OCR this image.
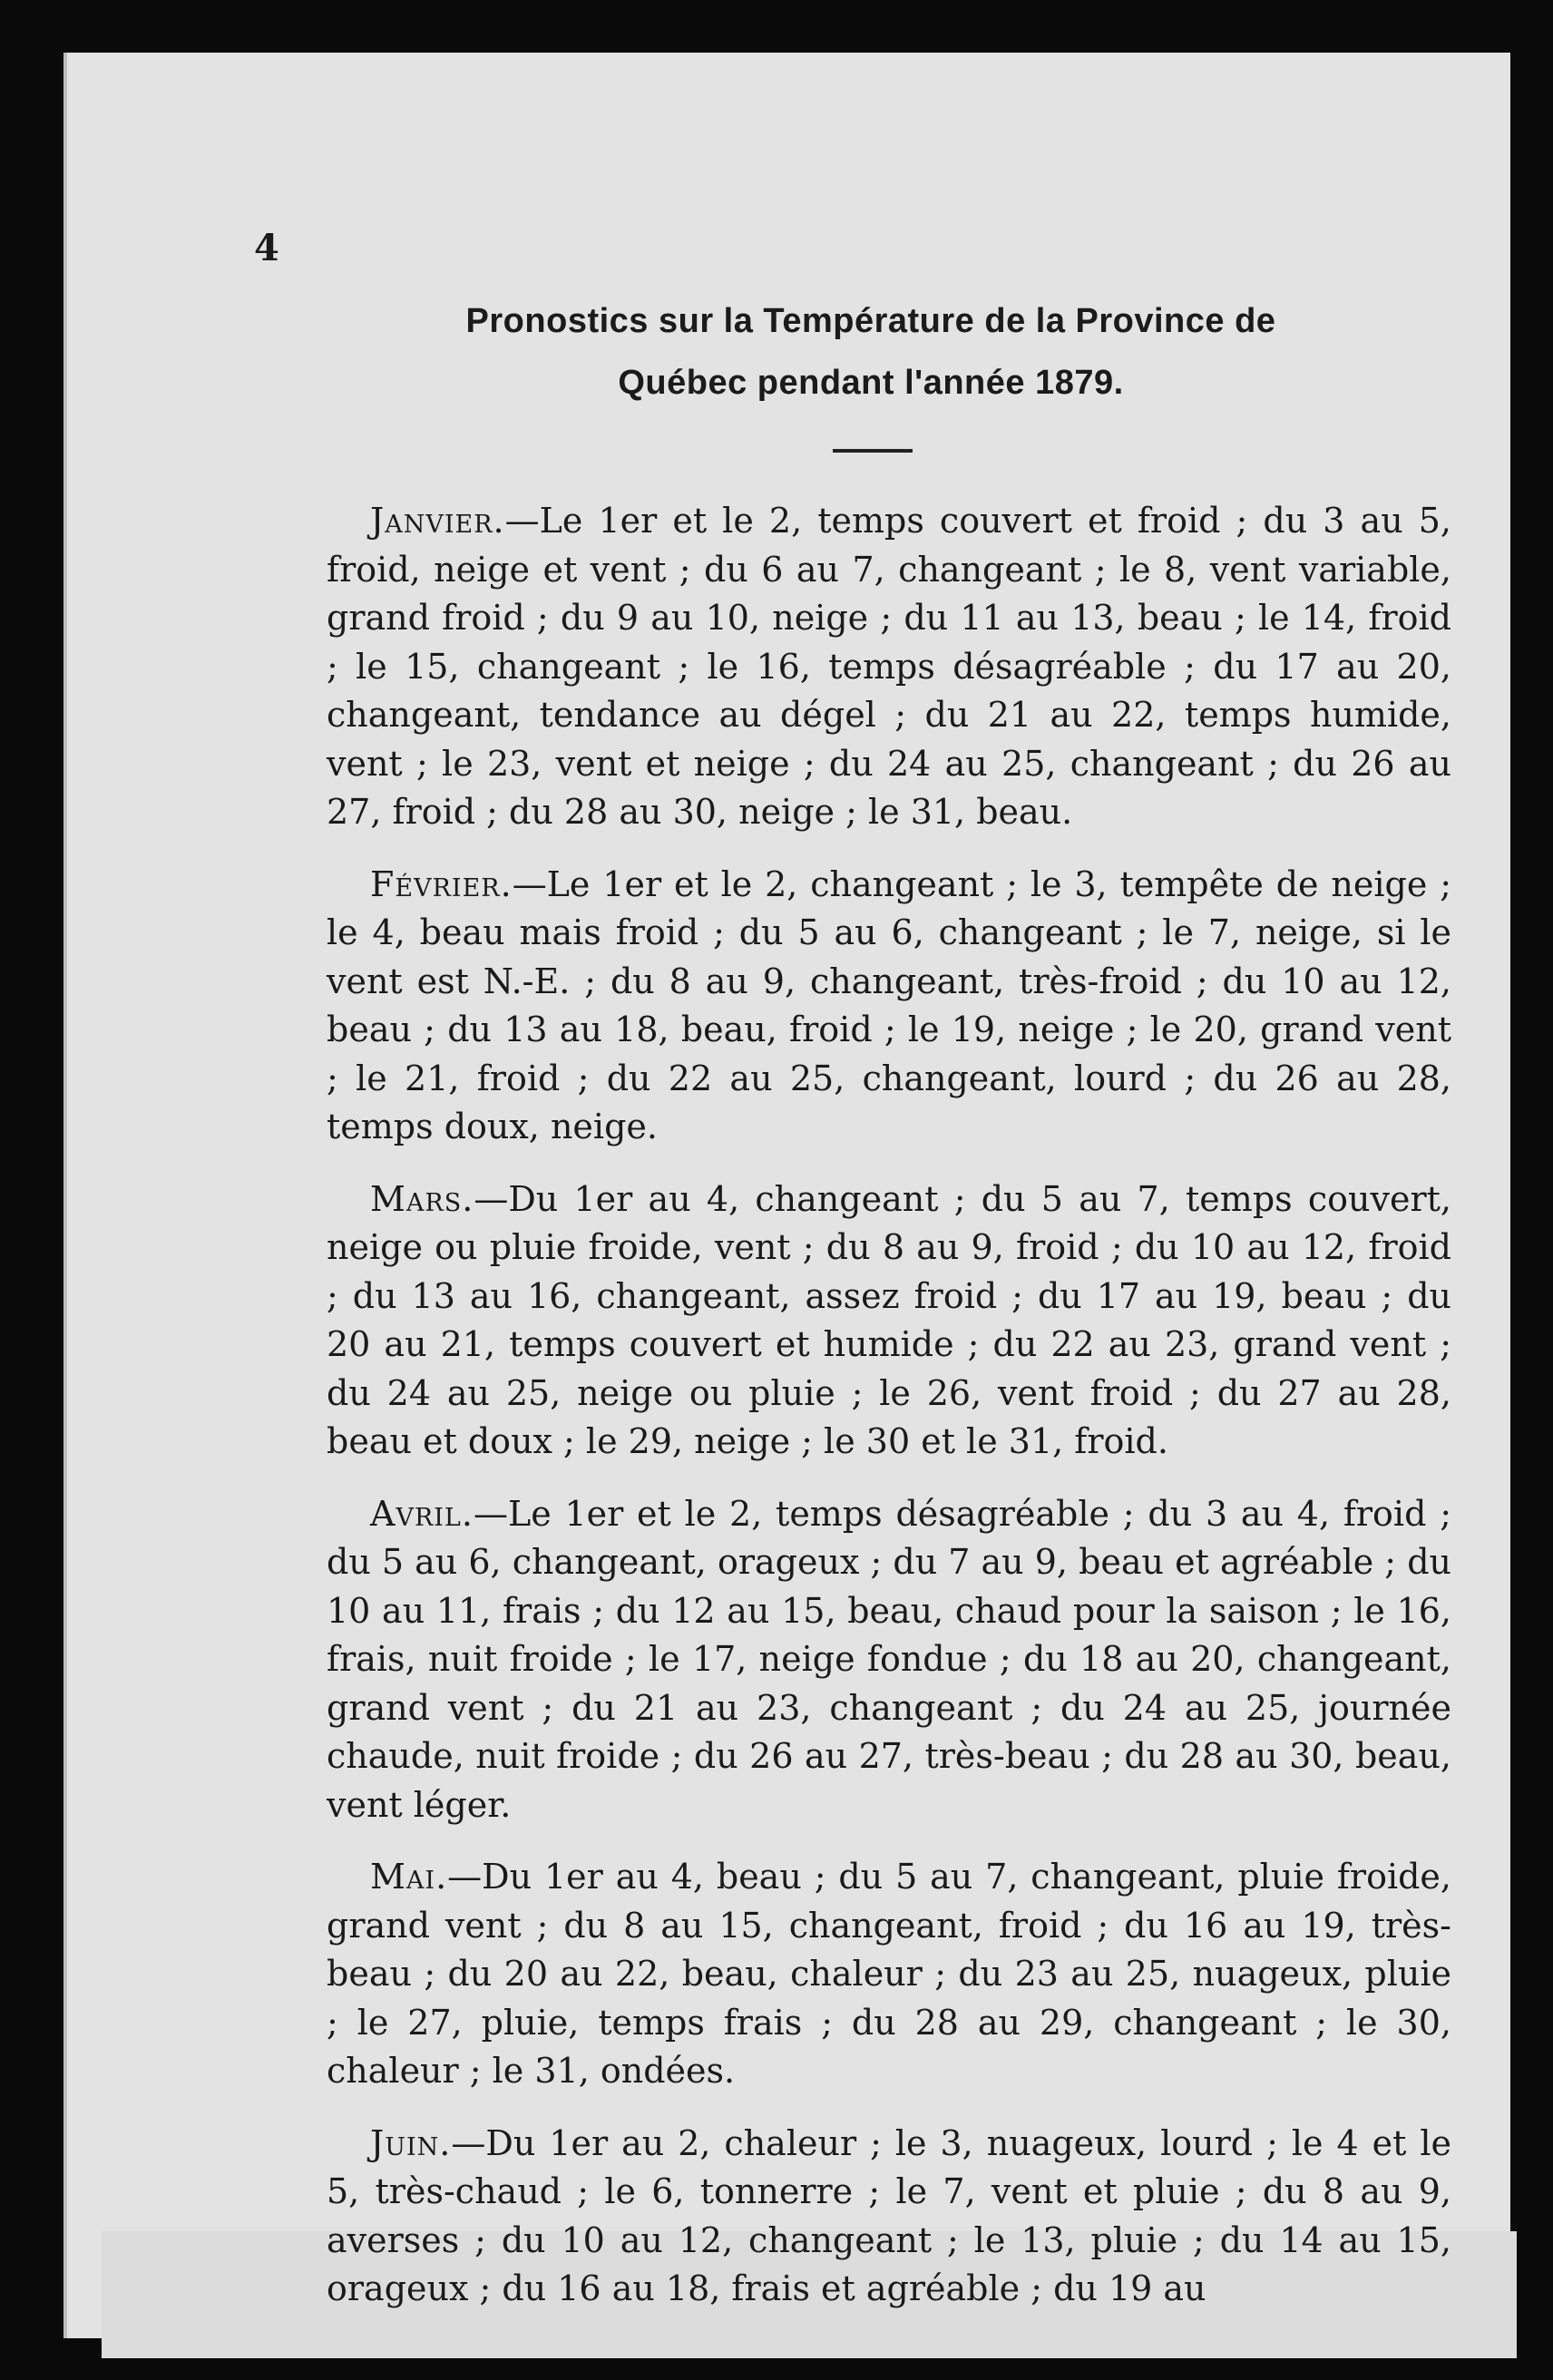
4
Pronostics sur la Température de la Province de
Québec pendant l'année 1879.

Janvier.—Le 1er et le 2, temps couvert et froid ; du 3 au 5, froid, neige et vent ; du 6 au 7, changeant ; le 8, vent variable, grand froid ; du 9 au 10, neige ; du 11 au 13, beau ; le 14, froid ; le 15, changeant ; le 16, temps désagréable ; du 17 au 20, changeant, tendance au dégel ; du 21 au 22, temps humide, vent ; le 23, vent et neige ; du 24 au 25, changeant ; du 26 au 27, froid ; du 28 au 30, neige ; le 31, beau.

Février.—Le 1er et le 2, changeant ; le 3, tempête de neige ; le 4, beau mais froid ; du 5 au 6, changeant ; le 7, neige, si le vent est N.-E. ; du 8 au 9, changeant, très-froid ; du 10 au 12, beau ; du 13 au 18, beau, froid ; le 19, neige ; le 20, grand vent ; le 21, froid ; du 22 au 25, changeant, lourd ; du 26 au 28, temps doux, neige.

Mars.—Du 1er au 4, changeant ; du 5 au 7, temps couvert, neige ou pluie froide, vent ; du 8 au 9, froid ; du 10 au 12, froid ; du 13 au 16, changeant, assez froid ; du 17 au 19, beau ; du 20 au 21, temps couvert et humide ; du 22 au 23, grand vent ; du 24 au 25, neige ou pluie ; le 26, vent froid ; du 27 au 28, beau et doux ; le 29, neige ; le 30 et le 31, froid.

Avril.—Le 1er et le 2, temps désagréable ; du 3 au 4, froid ; du 5 au 6, changeant, orageux ; du 7 au 9, beau et agréable ; du 10 au 11, frais ; du 12 au 15, beau, chaud pour la saison ; le 16, frais, nuit froide ; le 17, neige fondue ; du 18 au 20, changeant, grand vent ; du 21 au 23, changeant ; du 24 au 25, journée chaude, nuit froide ; du 26 au 27, très-beau ; du 28 au 30, beau, vent léger.

Mai.—Du 1er au 4, beau ; du 5 au 7, changeant, pluie froide, grand vent ; du 8 au 15, changeant, froid ; du 16 au 19, très-beau ; du 20 au 22, beau, chaleur ; du 23 au 25, nuageux, pluie ; le 27, pluie, temps frais ; du 28 au 29, changeant ; le 30, chaleur ; le 31, ondées.

Juin.—Du 1er au 2, chaleur ; le 3, nuageux, lourd ; le 4 et le 5, très-chaud ; le 6, tonnerre ; le 7, vent et pluie ; du 8 au 9, averses ; du 10 au 12, changeant ; le 13, pluie ; du 14 au 15, orageux ; du 16 au 18, frais et agréable ; du 19 au
